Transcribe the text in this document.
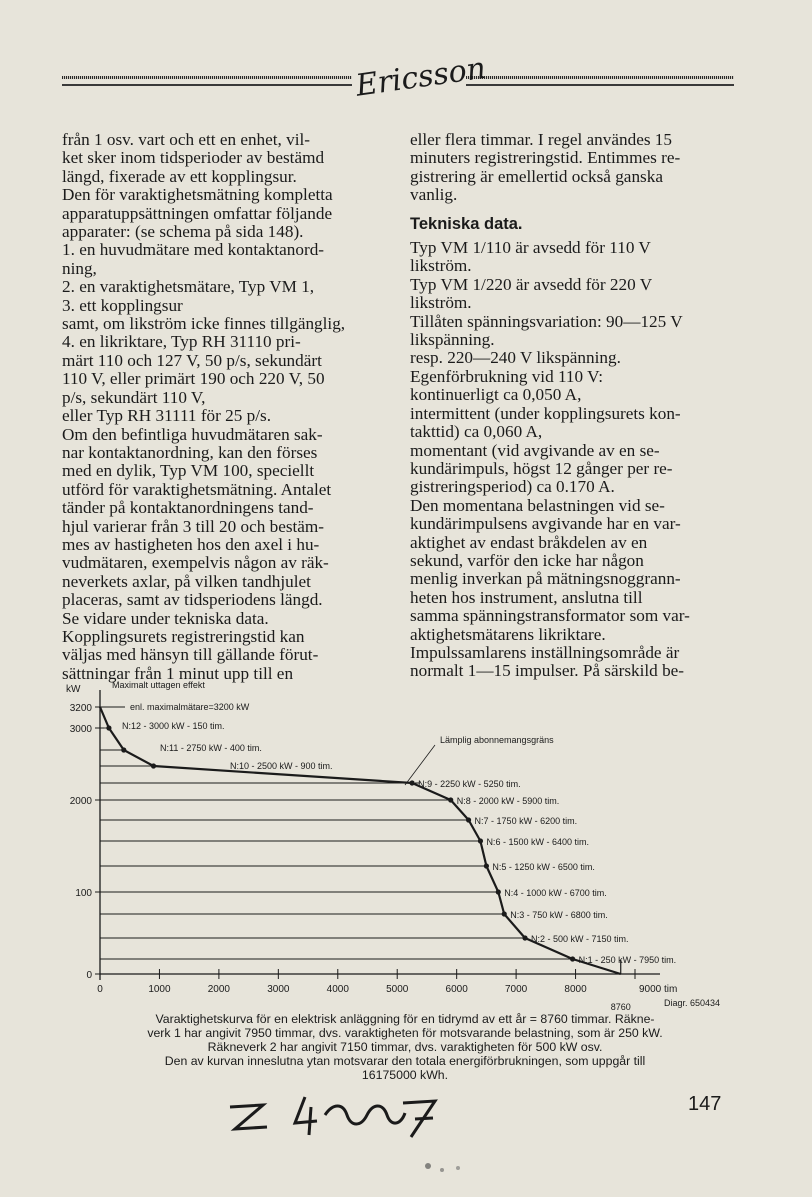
Ericsson

från 1 osv. vart och ett en enhet, vil-

ket sker inom tidsperioder av bestämd

längd, fixerade av ett kopplingsur.

Den för varaktighetsmätning kompletta

apparatuppsättningen omfattar följande

apparater: (se schema på sida 148).

1. en huvudmätare med kontaktanord-

ning,

2. en varaktighetsmätare, Typ VM 1,

3. ett kopplingsur

samt, om likström icke finnes tillgänglig,

4. en likriktare, Typ RH 31110 pri-

märt 110 och 127 V, 50 p/s, sekundärt

110 V, eller primärt 190 och 220 V, 50

p/s, sekundärt 110 V,

eller Typ RH 31111 för 25 p/s.

Om den befintliga huvudmätaren sak-

nar kontaktanordning, kan den förses

med en dylik, Typ VM 100, speciellt

utförd för varaktighetsmätning. Antalet

tänder på kontaktanordningens tand-

hjul varierar från 3 till 20 och bestäm-

mes av hastigheten hos den axel i hu-

vudmätaren, exempelvis någon av räk-

neverkets axlar, på vilken tandhjulet

placeras, samt av tidsperiodens längd.

Se vidare under tekniska data.

Kopplingsurets registreringstid kan

väljas med hänsyn till gällande förut-

sättningar från 1 minut upp till en

eller flera timmar. I regel användes 15

minuters registreringstid. Entimmes re-

gistrering är emellertid också ganska

vanlig.

Tekniska data.

Typ VM 1/110 är avsedd för 110 V

likström.

Typ VM 1/220 är avsedd för 220 V

likström.

Tillåten spänningsvariation: 90—125 V

likspänning.

resp. 220—240 V likspänning.

Egenförbrukning vid 110 V:

kontinuerligt ca 0,050 A,

intermittent (under kopplingsurets kon-

takttid) ca 0,060 A,

momentant (vid avgivande av en se-

kundärimpuls, högst 12 gånger per re-

gistreringsperiod) ca 0.170 A.

Den momentana belastningen vid se-

kundärimpulsens avgivande har en var-

aktighet av endast bråkdelen av en

sekund, varför den icke har någon

menlig inverkan på mätningsnoggrann-

heten hos instrument, anslutna till

samma spänningstransformator som var-

aktighetsmätarens likriktare.

Impulssamlarens inställningsområde är

normalt 1—15 impulser. På särskild be-

Lämplig abonnemangsgräns
kW
3200
3000
2000
100
0
0	1000	2000	3000	4000	5000	6000	7000	8000	9000 tim
8760	Diagr. 650434
Maximalt uttagen effekt
enl. maximalmätare=3200 kW
N:12 - 3000 kW - 150 tim.
N:11 - 2750 kW - 400 tim.
N:10 - 2500 kW - 900 tim.
N:9 - 2250 kW - 5250 tim.
N:8 - 2000 kW - 5900 tim.
N:7 - 1750 kW - 6200 tim.
N:6 - 1500 kW - 6400 tim.
N:5 - 1250 kW - 6500 tim.
N:4 - 1000 kW - 6700 tim.
N:3 - 750 kW - 6800 tim.
N:2 - 500 kW - 7150 tim.
N:1 - 250 kW - 7950 tim.
Varaktighetskurva för en elektrisk anläggning för en tidrymd av ett år = 8760 timmar. Räkne-
verk 1 har angivit 7950 timmar, dvs. varaktigheten för motsvarande belastning, som är 250 kW.
Räkneverk 2 har angivit 7150 timmar, dvs. varaktigheten för 500 kW osv.
Den av kurvan inneslutna ytan motsvarar den totala energiförbrukningen, som uppgår till
16175000 kWh.
147
